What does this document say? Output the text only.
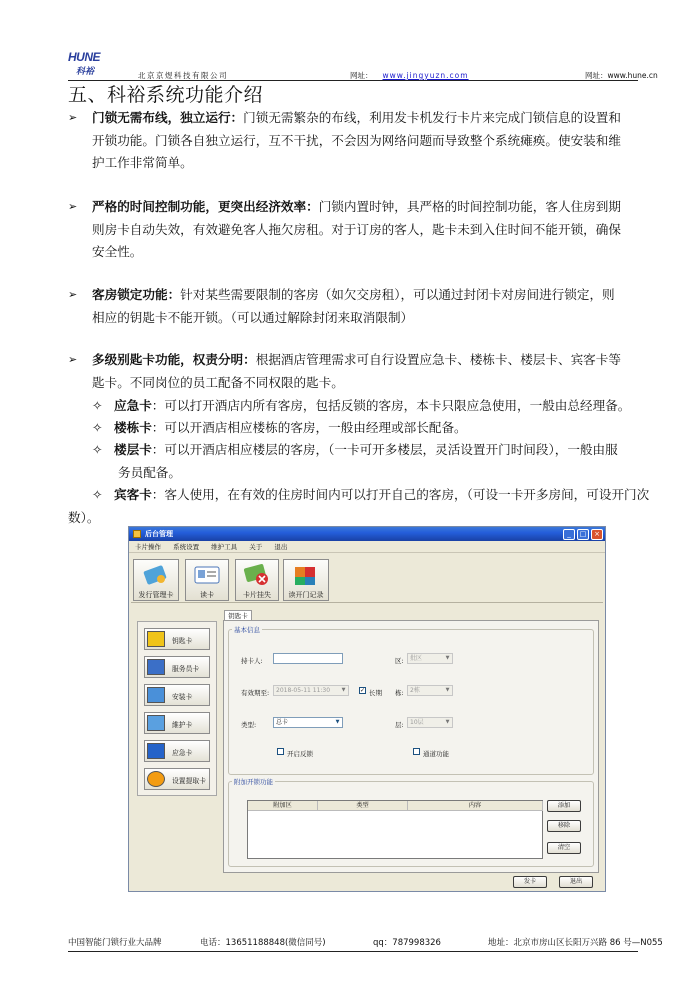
HUNE
科裕	北京京煜科技有限公司	网址： www.jingyuzn.com	网址：www.hune.cn
五、科裕系统功能介绍
➢	门锁无需布线，独立运行：门锁无需繁杂的布线，利用发卡机发行卡片来完成门锁信息的设置和
开锁功能。门锁各自独立运行，互不干扰，不会因为网络问题而导致整个系统瘫痪。使安装和维
护工作非常简单。
➢	严格的时间控制功能，更突出经济效率：门锁内置时钟，具严格的时间控制功能，客人住房到期
则房卡自动失效，有效避免客人拖欠房租。对于订房的客人，匙卡未到入住时间不能开锁，确保
安全性。
➢	客房锁定功能：针对某些需要限制的客房（如欠交房租），可以通过封闭卡对房间进行锁定，则
相应的钥匙卡不能开锁。（可以通过解除封闭来取消限制）
➢	多级别匙卡功能，权责分明：根据酒店管理需求可自行设置应急卡、楼栋卡、楼层卡、宾客卡等
匙卡。不同岗位的员工配备不同权限的匙卡。
✧ 应急卡：可以打开酒店内所有客房，包括反锁的客房，本卡只限应急使用，一般由总经理备。
✧ 楼栋卡：可以开酒店相应楼栋的客房，一般由经理或部长配备。
✧ 楼层卡：可以开酒店相应楼层的客房，（一卡可开多楼层，灵活设置开门时间段），一般由服
务员配备。
✧ 宾客卡：客人使用，在有效的住房时间内可以打开自己的客房，（可设一卡开多房间，可设开门次
数）。
后台管理	_	□	×
卡片操作 系统设置 维护工具 关于 退出
发行管理卡	读卡	卡片挂失	读开门记录
钥匙卡
服务员卡
安装卡
維护卡
应急卡
设置提取卡
钥匙卡
基本信息
持卡人:	区:	批区	▼
有效期至:	2018-05-11 11:30	▼	✓ 长期 栋:	2栋	▼
类型:	总卡	▼	层:	10层	▼
开启反锁	通道功能
附加开锁功能
附加区	类型	内容	添加
移除
清空
发卡	退出
中国智能门锁行业大品牌	电话：13651188848(微信同号)	qq：787998326	地址：北京市房山区长阳万兴路 86 号—N055
